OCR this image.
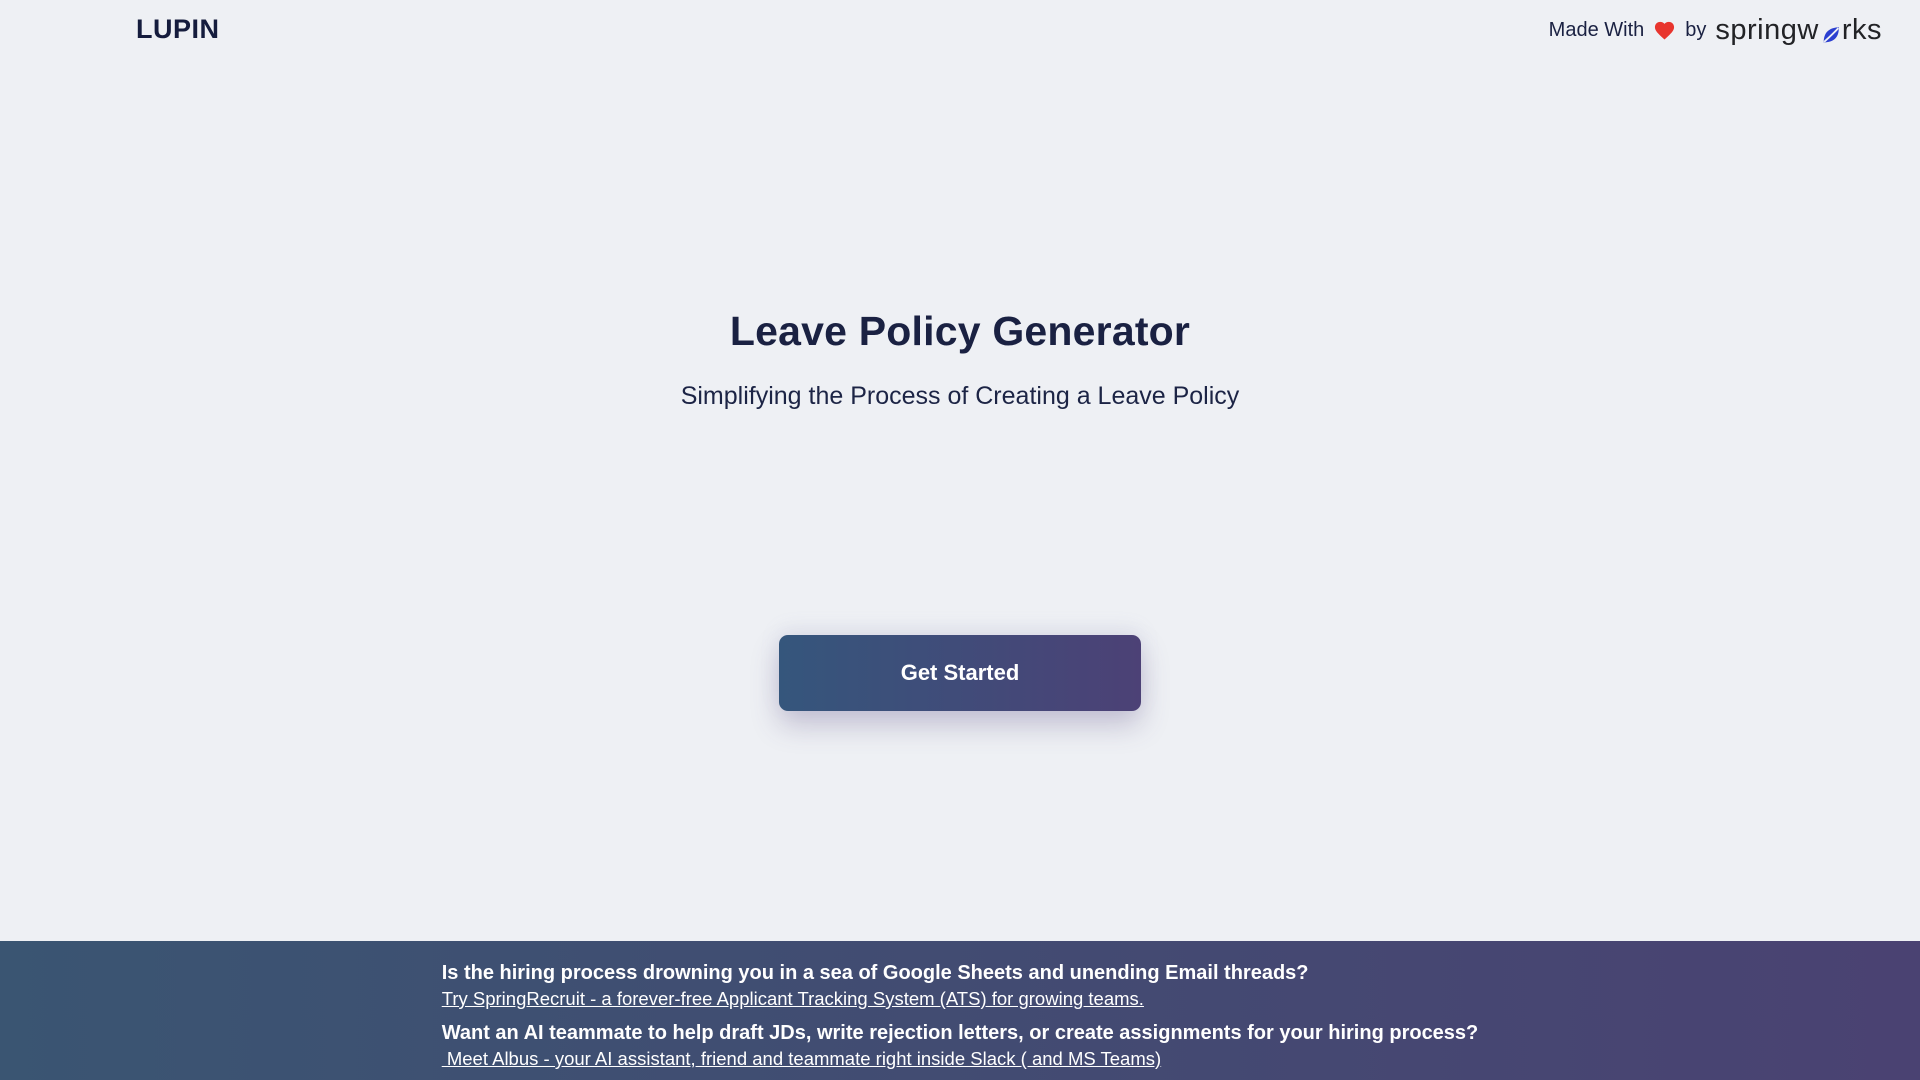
LUPIN	Made With by springw rks
Leave Policy Generator
Simplifying the Process of Creating a Leave Policy
Get Started
Is the hiring process drowning you in a sea of Google Sheets and unending Email threads?
Try SpringRecruit - a forever-free Applicant Tracking System (ATS) for growing teams.
Want an AI teammate to help draft JDs, write rejection letters, or create assignments for your hiring process?
Meet Albus - your AI assistant, friend and teammate right inside Slack ( and MS Teams)
